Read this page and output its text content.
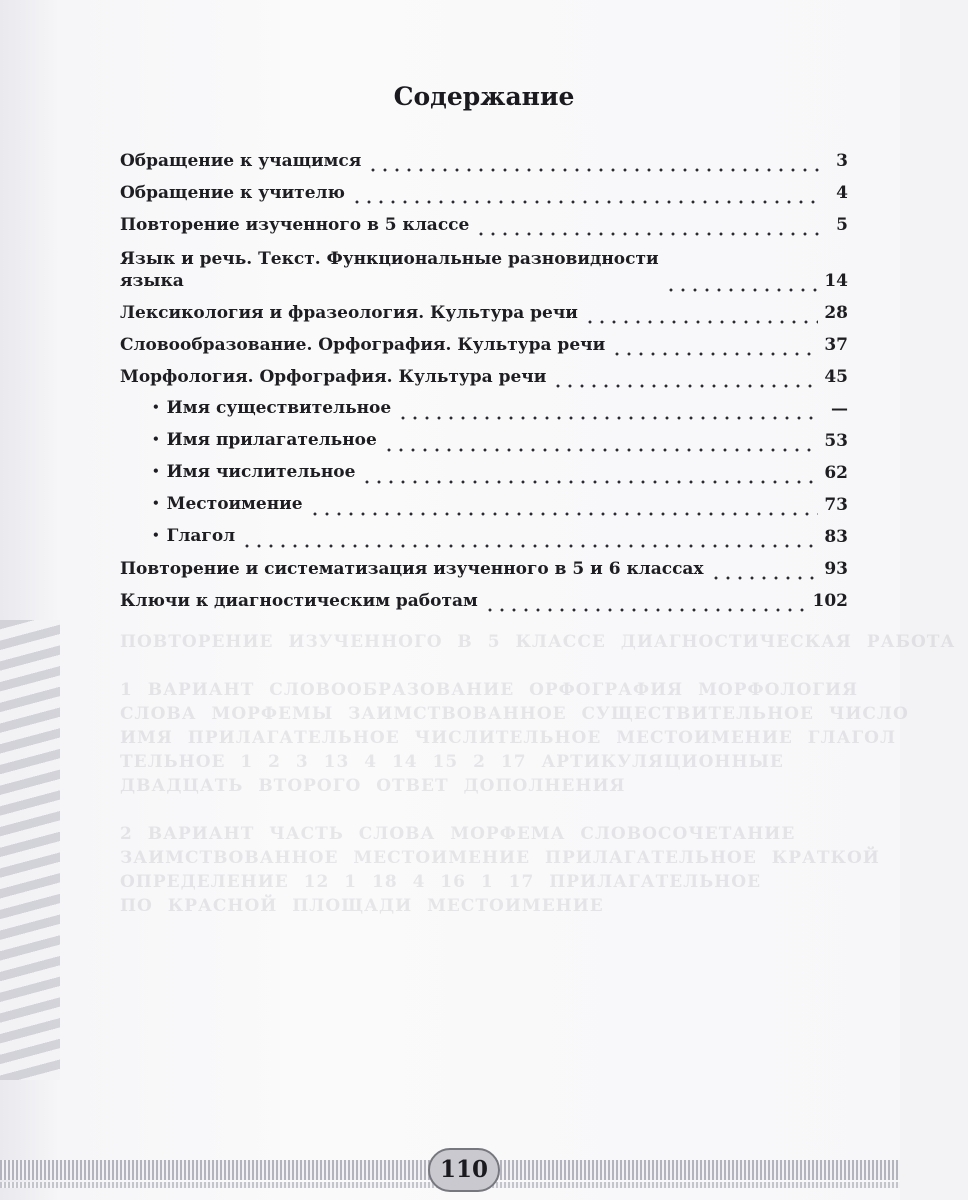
ПОВТОРЕНИЕ ИЗУЧЕННОГО В 5 КЛАССЕ ДИАГНОСТИЧЕСКАЯ РАБОТА

1 ВАРИАНТ СЛОВООБРАЗОВАНИЕ ОРФОГРАФИЯ МОРФОЛОГИЯ
СЛОВА МОРФЕМЫ ЗАИМСТВОВАННОЕ СУЩЕСТВИТЕЛЬНОЕ ЧИСЛО
ИМЯ ПРИЛАГАТЕЛЬНОЕ ЧИСЛИТЕЛЬНОЕ МЕСТОИМЕНИЕ ГЛАГОЛ
ТЕЛЬНОЕ 1 2 3 13 4 14 15 2 17 АРТИКУЛЯЦИОННЫЕ
ДВАДЦАТЬ ВТОРОГО ОТВЕТ ДОПОЛНЕНИЯ

2 ВАРИАНТ ЧАСТЬ СЛОВА МОРФЕМА СЛОВОСОЧЕТАНИЕ
ЗАИМСТВОВАННОЕ МЕСТОИМЕНИЕ ПРИЛАГАТЕЛЬНОЕ КРАТКОЙ
ОПРЕДЕЛЕНИЕ 12 1 18 4 16 1 17 ПРИЛАГАТЕЛЬНОЕ
ПО КРАСНОЙ ПЛОЩАДИ МЕСТОИМЕНИЕ
Содержание
Обращение к учащимся	3
Обращение к учителю	4
Повторение изученного в 5 классе	5
Язык и речь. Текст. Функциональные разновидности
языка	14
Лексикология и фразеология. Культура речи	28
Словообразование. Орфография. Культура речи	37
Морфология. Орфография. Культура речи	45
• Имя существительное	—
• Имя прилагательное	53
• Имя числительное	62
• Местоимение	73
• Глагол	83
Повторение и систематизация изученного в 5 и 6 классах	93
Ключи к диагностическим работам	102
110
